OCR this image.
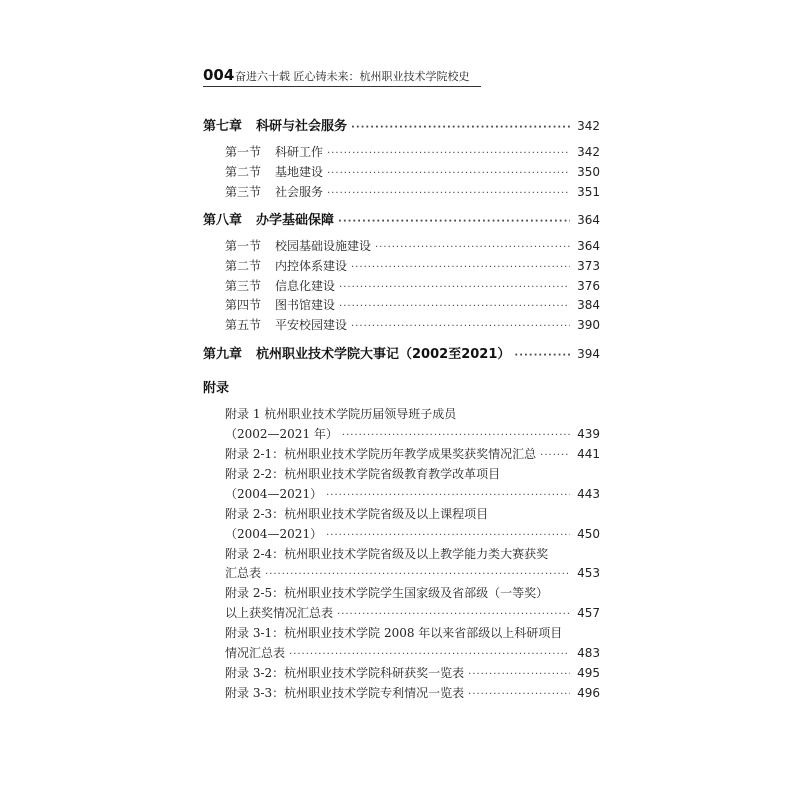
004 奋进六十载 匠心铸未来：杭州职业技术学院校史
第七章 科研与社会服务 ·····	342
第一节 科研工作 ·····	342
第二节 基地建设 ·····	350
第三节 社会服务 ·····	351
第八章 办学基础保障 ·····	364
第一节 校园基础设施建设 ·····	364
第二节 内控体系建设 ·····	373
第三节 信息化建设 ·····	376
第四节 图书馆建设 ·····	384
第五节 平安校园建设 ·····	390
第九章 杭州职业技术学院大事记（2002至2021） ·····	394
附录
附录 1 杭州职业技术学院历届领导班子成员
（2002—2021 年） ·····	439
附录 2-1：杭州职业技术学院历年教学成果奖获奖情况汇总 ·····	441
附录 2-2：杭州职业技术学院省级教育教学改革项目
（2004—2021） ·····	443
附录 2-3：杭州职业技术学院省级及以上课程项目
（2004—2021） ·····	450
附录 2-4：杭州职业技术学院省级及以上教学能力类大赛获奖
汇总表 ·····	453
附录 2-5：杭州职业技术学院学生国家级及省部级（一等奖）
以上获奖情况汇总表 ·····	457
附录 3-1：杭州职业技术学院 2008 年以来省部级以上科研项目
情况汇总表 ·····	483
附录 3-2：杭州职业技术学院科研获奖一览表 ·····	495
附录 3-3：杭州职业技术学院专利情况一览表 ·····	496
